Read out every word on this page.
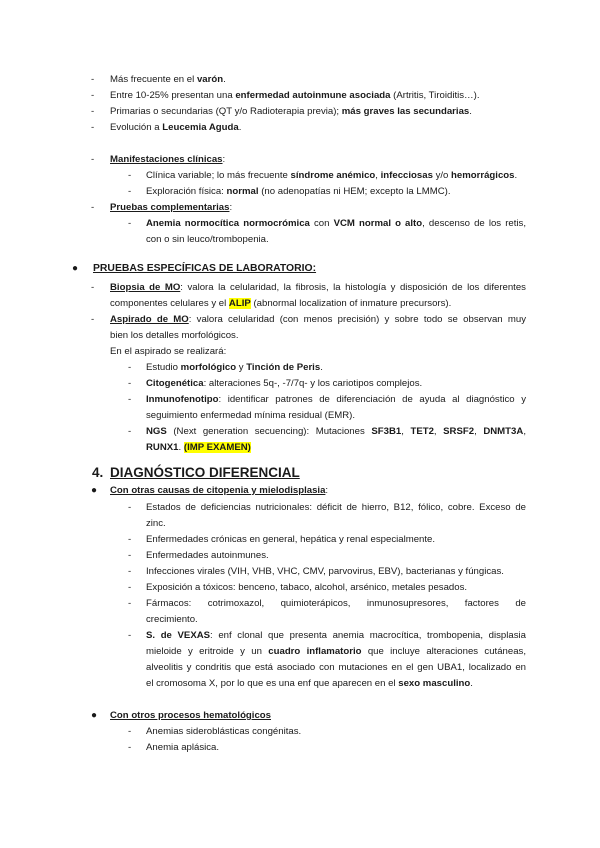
- Más frecuente en el varón.
- Entre 10-25% presentan una enfermedad autoinmune asociada (Artritis, Tiroiditis…).
- Primarias o secundarias (QT y/o Radioterapia previa); más graves las secundarias.
- Evolución a Leucemia Aguda.
- Manifestaciones clínicas:
- Clínica variable; lo más frecuente síndrome anémico, infecciosas y/o hemorrágicos.
- Exploración física: normal (no adenopatías ni HEM; excepto la LMMC).
- Pruebas complementarias:
- Anemia normocítica normocrómica con VCM normal o alto, descenso de los retis,
con o sin leuco/trombopenia.
● PRUEBAS ESPECÍFICAS DE LABORATORIO:
- Biopsia de MO: valora la celularidad, la fibrosis, la histología y disposición de los diferentes
componentes celulares y el ALIP (abnormal localization of inmature precursors).
- Aspirado de MO: valora celularidad (con menos precisión) y sobre todo se observan muy
bien los detalles morfológicos.
En el aspirado se realizará:
- Estudio morfológico y Tinción de Peris.
- Citogenética: alteraciones 5q-, -7/7q- y los cariotipos complejos.
- Inmunofenotipo: identificar patrones de diferenciación de ayuda al diagnóstico y
seguimiento enfermedad mínima residual (EMR).
- NGS (Next generation secuencing): Mutaciones SF3B1, TET2, SRSF2, DNMT3A,
RUNX1. (IMP EXAMEN)
4. DIAGNÓSTICO DIFERENCIAL
● Con otras causas de citopenia y mielodisplasia:
- Estados de deficiencias nutricionales: déficit de hierro, B12, fólico, cobre. Exceso de
zinc.
- Enfermedades crónicas en general, hepática y renal especialmente.
- Enfermedades autoinmunes.
- Infecciones virales (VIH, VHB, VHC, CMV, parvovirus, EBV), bacterianas y fúngicas.
- Exposición a tóxicos: benceno, tabaco, alcohol, arsénico, metales pesados.
- Fármacos: cotrimoxazol, quimioterápicos, inmunosupresores, factores de
crecimiento.
- S. de VEXAS: enf clonal que presenta anemia macrocítica, trombopenia, displasia
mieloide y eritroide y un cuadro inflamatorio que incluye alteraciones cutáneas,
alveolitis y condritis que está asociado con mutaciones en el gen UBA1, localizado en
el cromosoma X, por lo que es una enf que aparecen en el sexo masculino.
● Con otros procesos hematológicos
- Anemias sideroblásticas congénitas.
- Anemia aplásica.
